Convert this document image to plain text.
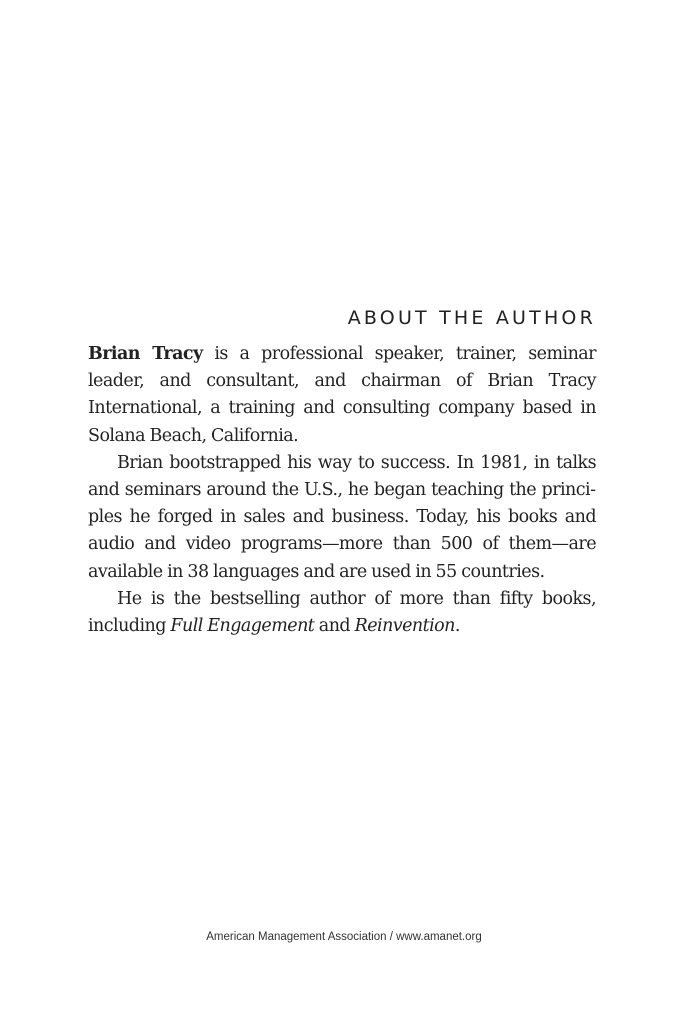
ABOUT THE AUTHOR

Brian Tracy is a professional speaker, trainer, seminar leader, and consultant, and chairman of Brian Tracy International, a training and consulting company based in Solana Beach, California.

Brian bootstrapped his way to success. In 1981, in talks and seminars around the U.S., he began teaching the principles he forged in sales and business. Today, his books and audio and video programs—more than 500 of them—are available in 38 languages and are used in 55 countries.

He is the bestselling author of more than fifty books, including Full Engagement and Reinvention.

American Management Association / www.amanet.org
